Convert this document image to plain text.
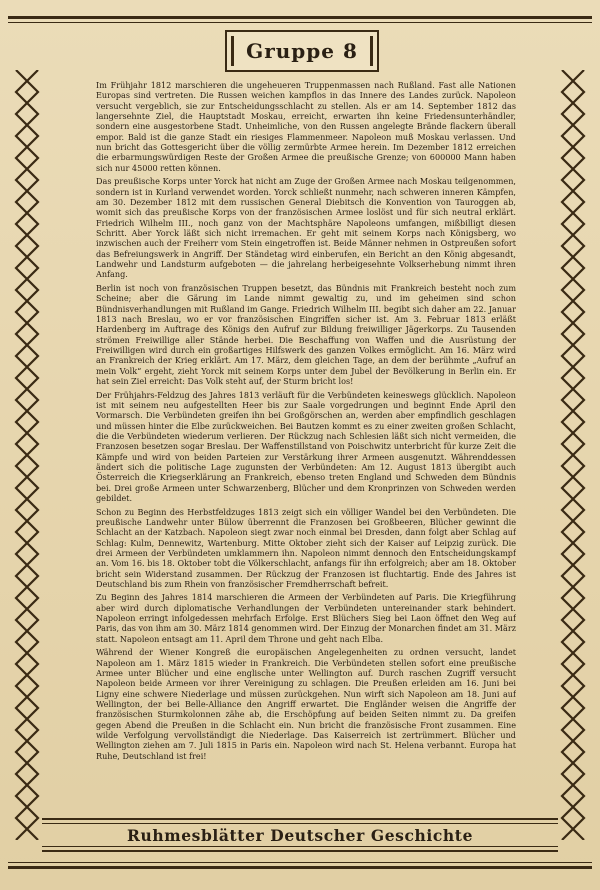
Gruppe 8

Im Frühjahr 1812 marschieren die ungeheueren Truppenmassen nach Rußland. Fast alle Nationen Europas sind vertreten. Die Russen weichen kampflos in das Innere des Landes zurück. Napoleon versucht vergeblich, sie zur Entscheidungsschlacht zu stellen. Als er am 14. September 1812 das langersehnte Ziel, die Hauptstadt Moskau, erreicht, erwarten ihn keine Friedensunterhändler, sondern eine ausgestorbene Stadt. Unheimliche, von den Russen angelegte Brände flackern überall empor. Bald ist die ganze Stadt ein riesiges Flammenmeer. Napoleon muß Moskau verlassen. Und nun bricht das Gottesgericht über die völlig zermürbte Armee herein. Im Dezember 1812 erreichen die erbarmungswürdigen Reste der Großen Armee die preußische Grenze; von 600000 Mann haben sich nur 45000 retten können.

Das preußische Korps unter Yorck hat nicht am Zuge der Großen Armee nach Moskau teilgenommen, sondern ist in Kurland verwendet worden. Yorck schließt nunmehr, nach schweren inneren Kämpfen, am 30. Dezember 1812 mit dem russischen General Diebitsch die Konvention von Tauroggen ab, womit sich das preußische Korps von der französischen Armee loslöst und für sich neutral erklärt. Friedrich Wilhelm III., noch ganz von der Machtsphäre Napoleons umfangen, mißbilligt diesen Schritt. Aber Yorck läßt sich nicht irremachen. Er geht mit seinem Korps nach Königsberg, wo inzwischen auch der Freiherr vom Stein eingetroffen ist. Beide Männer nehmen in Ostpreußen sofort das Befreiungswerk in Angriff. Der Ständetag wird einberufen, ein Bericht an den König abgesandt, Landwehr und Landsturm aufgeboten — die jahrelang herbeigesehnte Volkserhebung nimmt ihren Anfang.

Berlin ist noch von französischen Truppen besetzt, das Bündnis mit Frankreich besteht noch zum Scheine; aber die Gärung im Lande nimmt gewaltig zu, und im geheimen sind schon Bündnisverhandlungen mit Rußland im Gange. Friedrich Wilhelm III. begibt sich daher am 22. Januar 1813 nach Breslau, wo er vor französischen Eingriffen sicher ist. Am 3. Februar 1813 erläßt Hardenberg im Auftrage des Königs den Aufruf zur Bildung freiwilliger Jägerkorps. Zu Tausenden strömen Freiwillige aller Stände herbei. Die Beschaffung von Waffen und die Ausrüstung der Freiwilligen wird durch ein großartiges Hilfswerk des ganzen Volkes ermöglicht. Am 16. März wird an Frankreich der Krieg erklärt. Am 17. März, dem gleichen Tage, an dem der berühmte „Aufruf an mein Volk“ ergeht, zieht Yorck mit seinem Korps unter dem Jubel der Bevölkerung in Berlin ein. Er hat sein Ziel erreicht: Das Volk steht auf, der Sturm bricht los!

Der Frühjahrs-Feldzug des Jahres 1813 verläuft für die Verbündeten keineswegs glücklich. Napoleon ist mit seinem neu aufgestellten Heer bis zur Saale vorgedrungen und beginnt Ende April den Vormarsch. Die Verbündeten greifen ihn bei Großgörschen an, werden aber empfindlich geschlagen und müssen hinter die Elbe zurückweichen. Bei Bautzen kommt es zu einer zweiten großen Schlacht, die die Verbündeten wiederum verlieren. Der Rückzug nach Schlesien läßt sich nicht vermeiden, die Franzosen besetzen sogar Breslau. Der Waffenstillstand von Poischwitz unterbricht für kurze Zeit die Kämpfe und wird von beiden Parteien zur Verstärkung ihrer Armeen ausgenutzt. Währenddessen ändert sich die politische Lage zugunsten der Verbündeten: Am 12. August 1813 übergibt auch Österreich die Kriegserklärung an Frankreich, ebenso treten England und Schweden dem Bündnis bei. Drei große Armeen unter Schwarzenberg, Blücher und dem Kronprinzen von Schweden werden gebildet.

Schon zu Beginn des Herbstfeldzuges 1813 zeigt sich ein völliger Wandel bei den Verbündeten. Die preußische Landwehr unter Bülow überrennt die Franzosen bei Großbeeren, Blücher gewinnt die Schlacht an der Katzbach. Napoleon siegt zwar noch einmal bei Dresden, dann folgt aber Schlag auf Schlag: Kulm, Dennewitz, Wartenburg. Mitte Oktober zieht sich der Kaiser auf Leipzig zurück. Die drei Armeen der Verbündeten umklammern ihn. Napoleon nimmt dennoch den Entscheidungskampf an. Vom 16. bis 18. Oktober tobt die Völkerschlacht, anfangs für ihn erfolgreich; aber am 18. Oktober bricht sein Widerstand zusammen. Der Rückzug der Franzosen ist fluchtartig. Ende des Jahres ist Deutschland bis zum Rhein von französischer Fremdherrschaft befreit.

Zu Beginn des Jahres 1814 marschieren die Armeen der Verbündeten auf Paris. Die Kriegführung aber wird durch diplomatische Verhandlungen der Verbündeten untereinander stark behindert. Napoleon erringt infolgedessen mehrfach Erfolge. Erst Blüchers Sieg bei Laon öffnet den Weg auf Paris, das von ihm am 30. März 1814 genommen wird. Der Einzug der Monarchen findet am 31. März statt. Napoleon entsagt am 11. April dem Throne und geht nach Elba.

Während der Wiener Kongreß die europäischen Angelegenheiten zu ordnen versucht, landet Napoleon am 1. März 1815 wieder in Frankreich. Die Verbündeten stellen sofort eine preußische Armee unter Blücher und eine englische unter Wellington auf. Durch raschen Zugriff versucht Napoleon beide Armeen vor ihrer Vereinigung zu schlagen. Die Preußen erleiden am 16. Juni bei Ligny eine schwere Niederlage und müssen zurückgehen. Nun wirft sich Napoleon am 18. Juni auf Wellington, der bei Belle-Alliance den Angriff erwartet. Die Engländer weisen die Angriffe der französischen Sturmkolonnen zähe ab, die Erschöpfung auf beiden Seiten nimmt zu. Da greifen gegen Abend die Preußen in die Schlacht ein. Nun bricht die französische Front zusammen. Eine wilde Verfolgung vervollständigt die Niederlage. Das Kaiserreich ist zertrümmert. Blücher und Wellington ziehen am 7. Juli 1815 in Paris ein. Napoleon wird nach St. Helena verbannt. Europa hat Ruhe, Deutschland ist frei!

Ruhmesblätter Deutscher Geschichte
